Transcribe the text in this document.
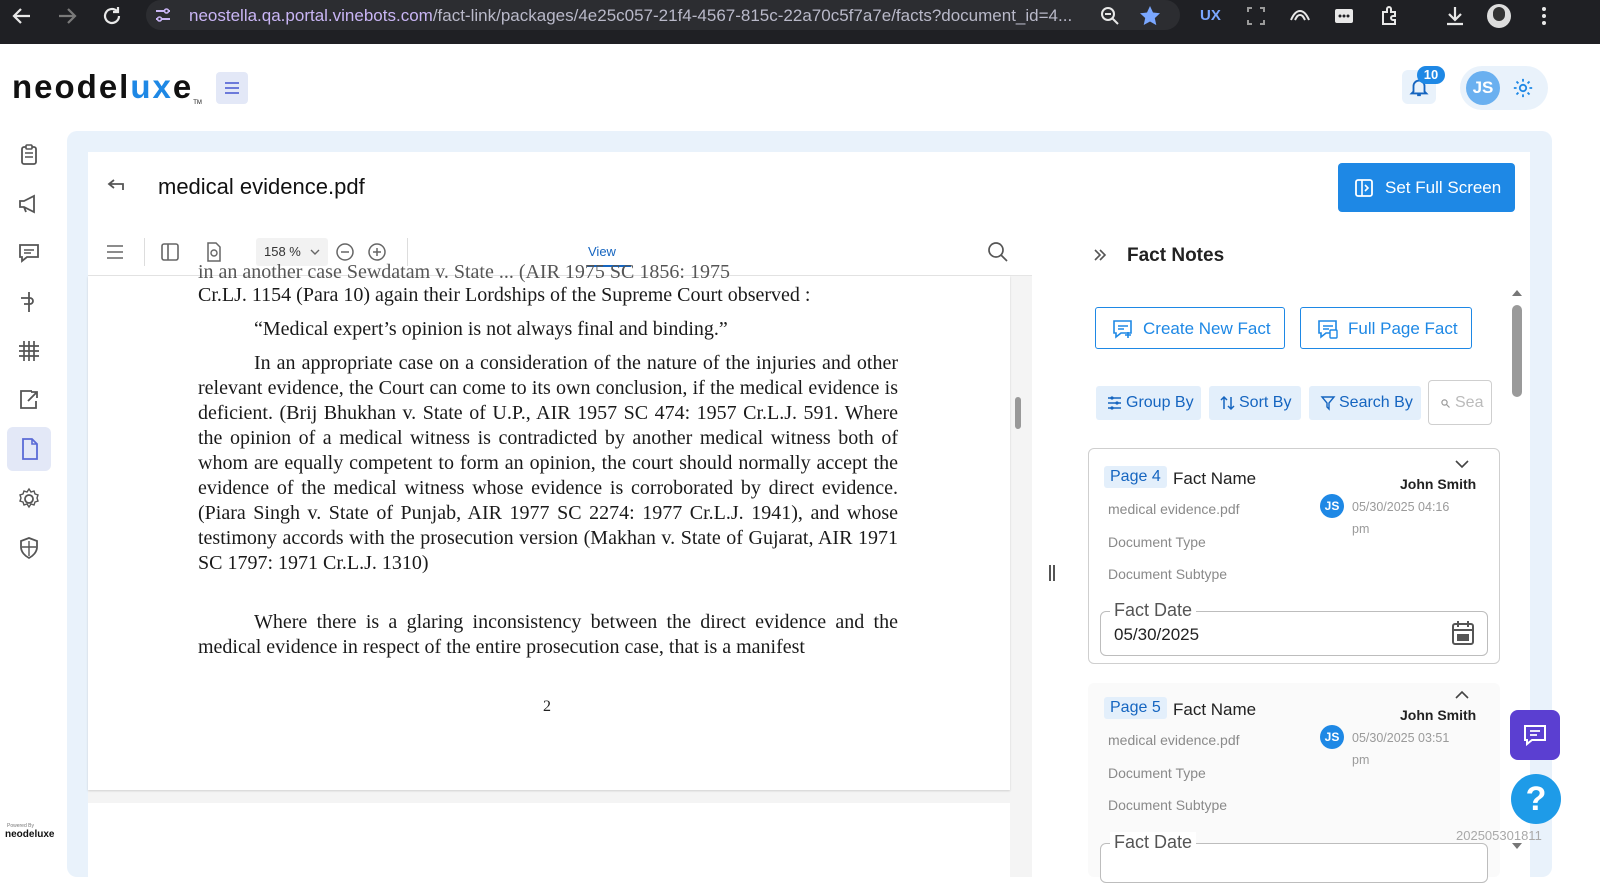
neostella.qa.portal.vinebots.com/fact-link/packages/4e25c057-21f4-4567-815c-22a70c5f7a7e/facts?document_id=4...	UX
neodeluxe™
10
JS
Powered By
neodeluxe
medical evidence.pdf	Set Full Screen
158 %	View
in an another case Sewdatam v. State ... (AIR 1975 SC 1856: 1975
Cr.LJ. 1154 (Para 10) again their Lordships of the Supreme Court observed :
“Medical expert’s opinion is not always final and binding.”
In an appropriate case on a consideration of the nature of the injuries and other relevant evidence, the Court can come to its own conclusion, if the medical evidence is deficient. (Brij Bhukhan v. State of U.P., AIR 1957 SC 474: 1957 Cr.L.J. 591. Where the opinion of a medical witness is contradicted by another medical witness both of whom are equally competent to form an opinion, the court should normally accept the evidence of the medical witness whose evidence is corroborated by direct evidence. (Piara Singh v. State of Punjab, AIR 1977 SC 2274: 1977 Cr.L.J. 1941), and whose testimony accords with the prosecution version (Makhan v. State of Gujarat, AIR 1971 SC 1797: 1971 Cr.L.J. 1310)
Where there is a glaring inconsistency between the direct evidence and the medical evidence in respect of the entire prosecution case, that is a manifest
2
Fact Notes
Create New Fact	Full Page Fact
Group By	Sort By	Search By	Sea
Page 4 Fact Name	John Smith
JS	05/30/2025 04:16
pm
medical evidence.pdf
Document Type
Document Subtype
Fact Date
05/30/2025
Page 5 Fact Name	John Smith
JS	05/30/2025 03:51
pm
medical evidence.pdf
Document Type
Document Subtype
Fact Date
?
202505301811
